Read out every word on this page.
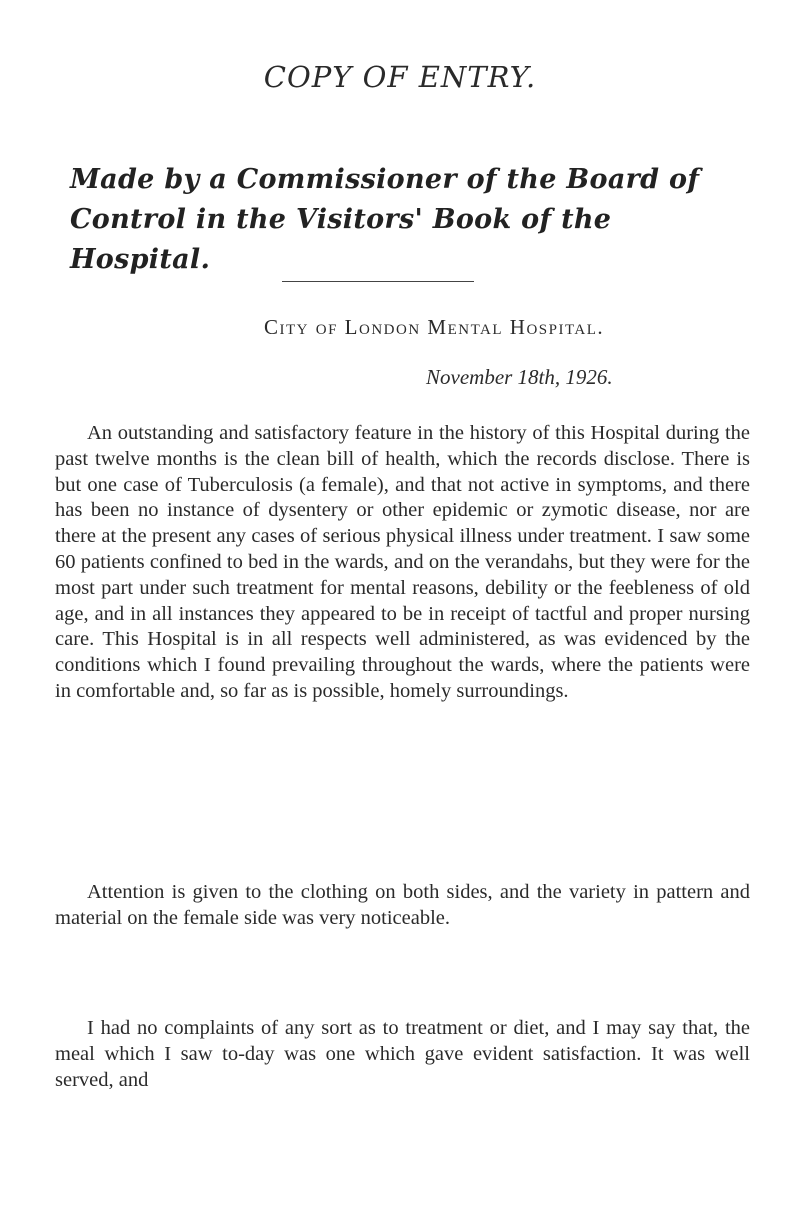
COPY OF ENTRY.
Made by a Commissioner of the Board of Control in the Visitors' Book of the Hospital.
City of London Mental Hospital.
November 18th, 1926.

An outstanding and satisfactory feature in the history of this Hospital during the past twelve months is the clean bill of health, which the records disclose. There is but one case of Tuberculosis (a female), and that not active in symptoms, and there has been no instance of dysentery or other epidemic or zymotic disease, nor are there at the present any cases of serious physical illness under treatment. I saw some 60 patients confined to bed in the wards, and on the verandahs, but they were for the most part under such treatment for mental reasons, debility or the feebleness of old age, and in all instances they appeared to be in receipt of tactful and proper nursing care. This Hospital is in all respects well administered, as was evidenced by the conditions which I found prevailing throughout the wards, where the patients were in comfortable and, so far as is possible, homely surroundings.

Attention is given to the clothing on both sides, and the variety in pattern and material on the female side was very noticeable.

I had no complaints of any sort as to treatment or diet, and I may say that, the meal which I saw to-day was one which gave evident satisfaction. It was well served, and
